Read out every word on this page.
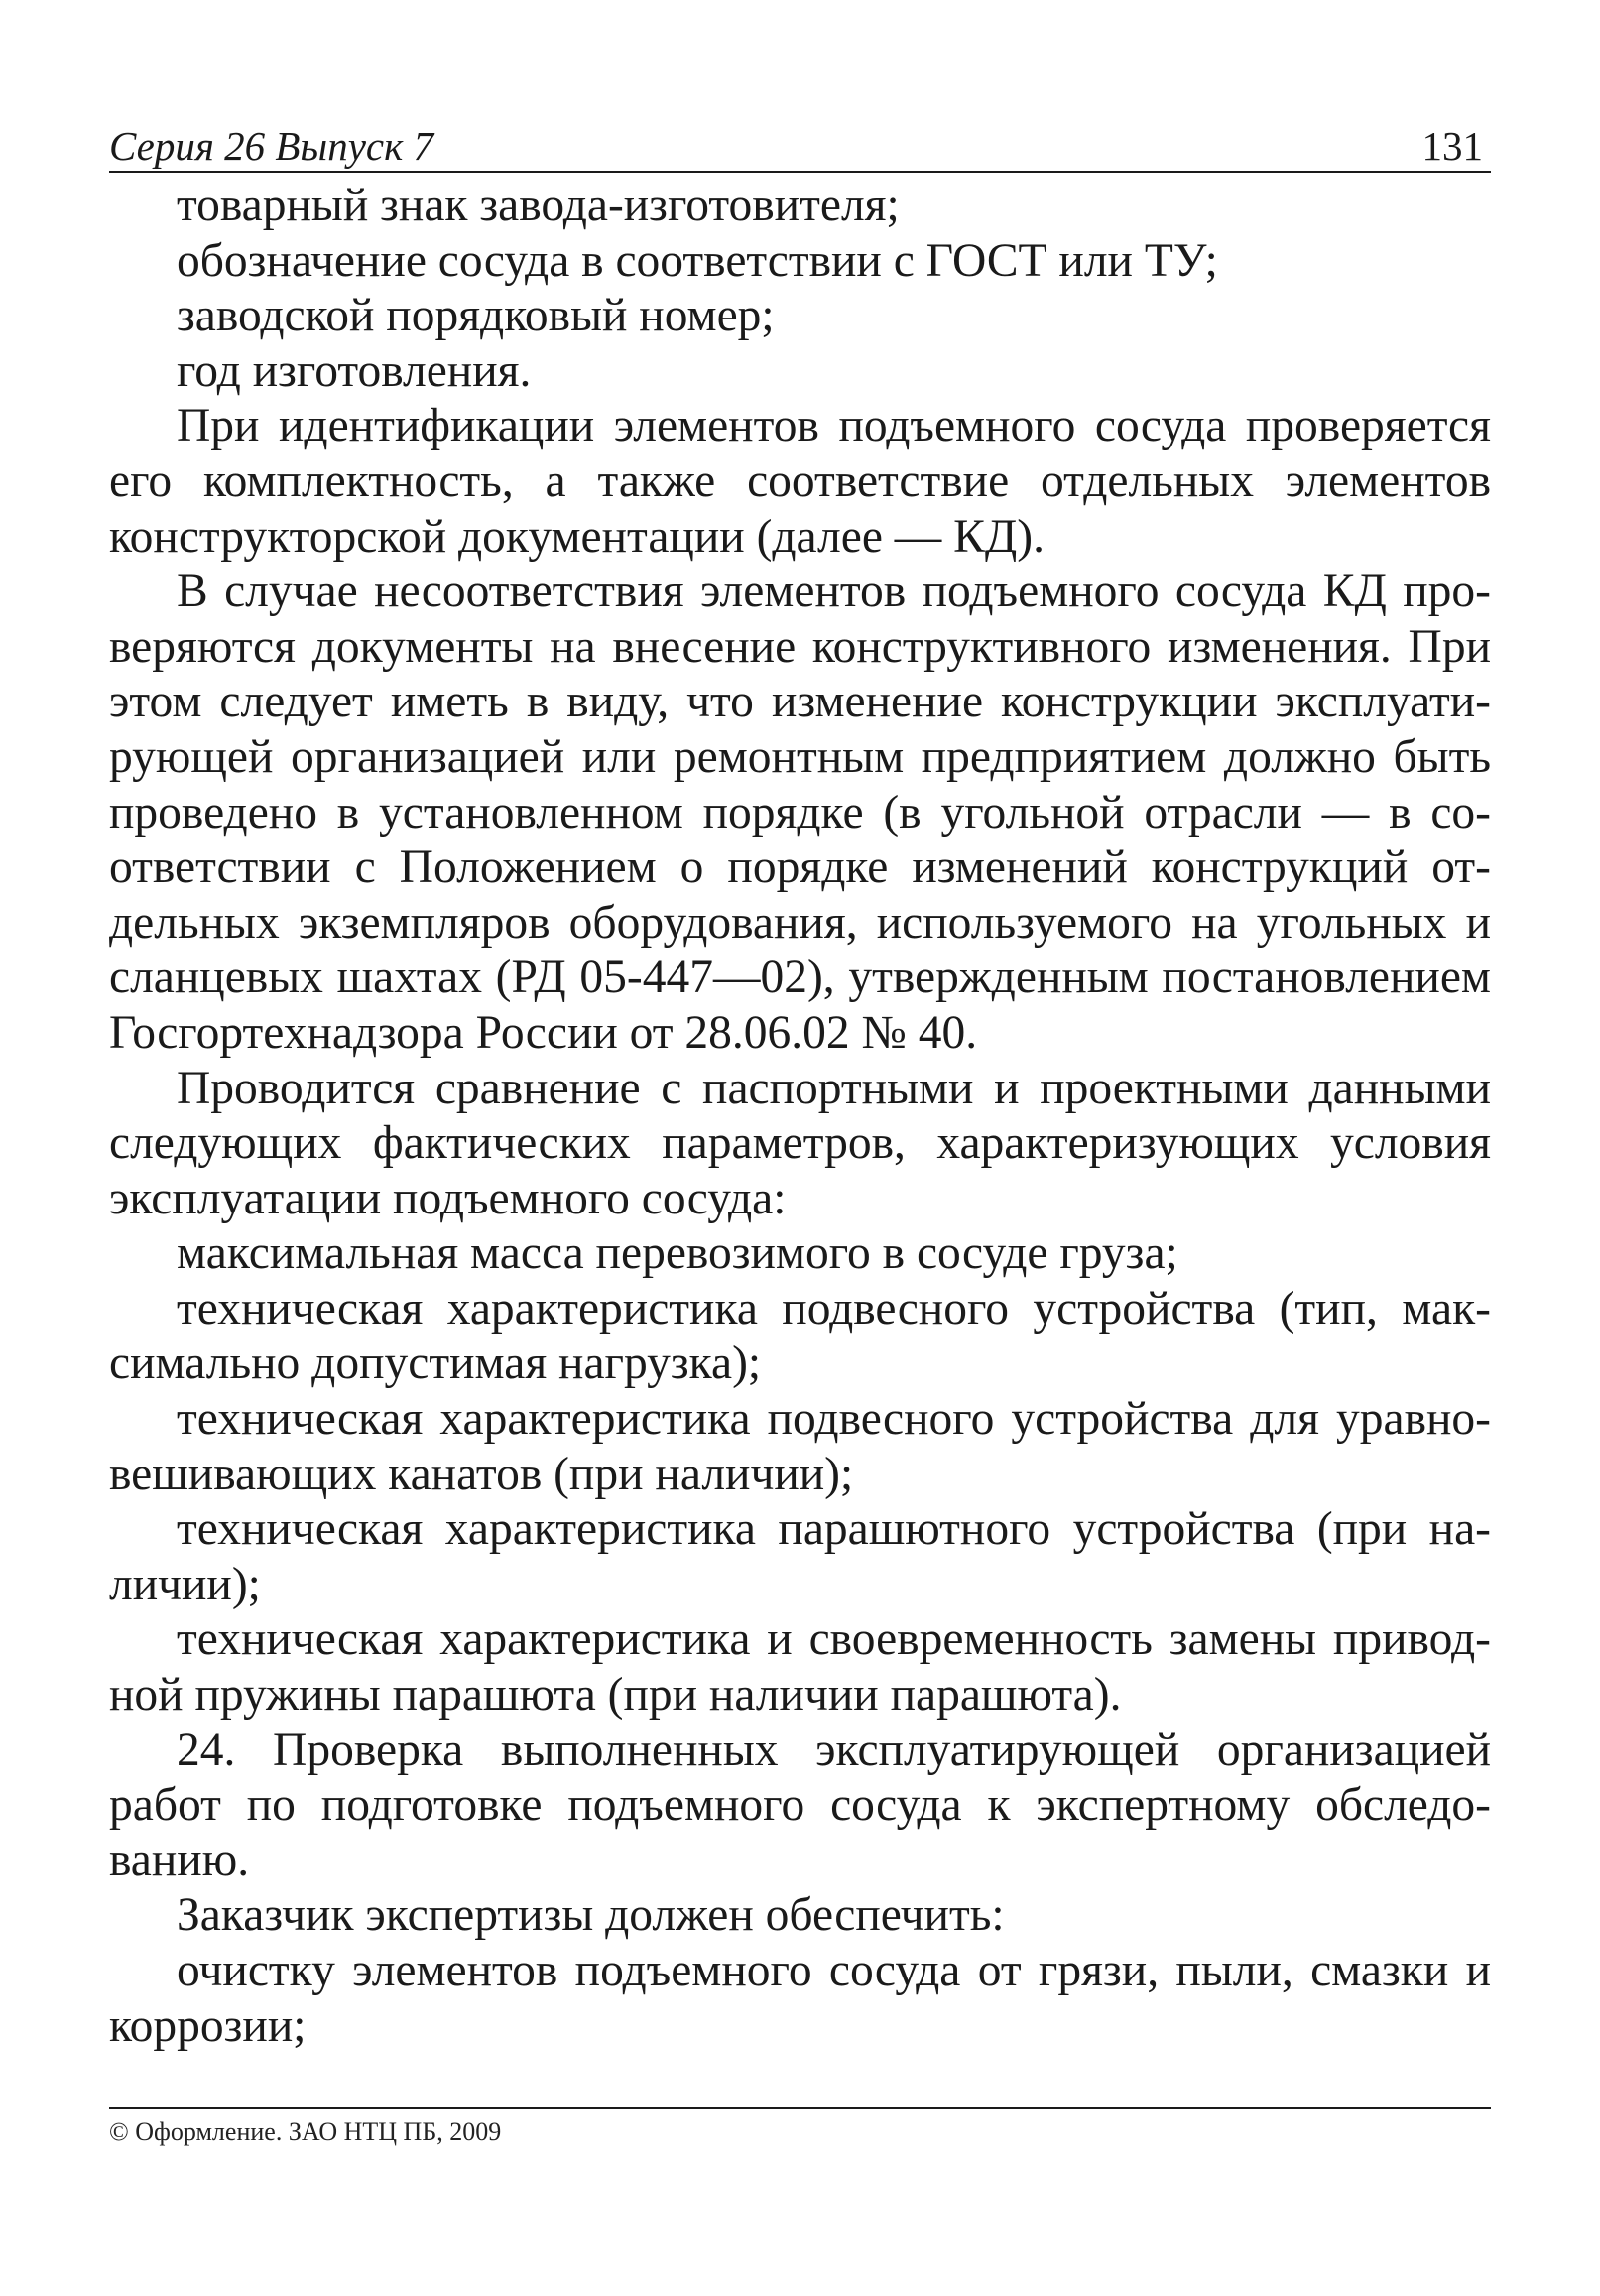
Серия 26 Выпуск 7	131

товарный знак завода-изготовителя;

обозначение сосуда в соответствии с ГОСТ или ТУ;

заводской порядковый номер;

год изготовления.

При идентификации элементов подъемного сосуда проверяется его комплектность, а также соответствие отдельных элементов конструкторской документации (далее — КД).

В случае несоответствия элементов подъемного сосуда КД проверяются документы на внесение конструктивного изменения. При этом следует иметь в виду, что изменение конструкции эксплуатирующей организацией или ремонтным предприятием должно быть проведено в установленном порядке (в угольной отрасли — в соответствии с Положением о порядке изменений конструкций отдельных экземпляров оборудования, используемого на угольных и сланцевых шахтах (РД 05-447—02), утвержденным постановлением Госгортехнадзора России от 28.06.02 № 40.

Проводится сравнение с паспортными и проектными данными следующих фактических параметров, характеризующих условия эксплуатации подъемного сосуда:

максимальная масса перевозимого в сосуде груза;

техническая характеристика подвесного устройства (тип, максимально допустимая нагрузка);

техническая характеристика подвесного устройства для уравновешивающих канатов (при наличии);

техническая характеристика парашютного устройства (при наличии);

техническая характеристика и своевременность замены приводной пружины парашюта (при наличии парашюта).

24. Проверка выполненных эксплуатирующей организацией работ по подготовке подъемного сосуда к экспертному обследованию.

Заказчик экспертизы должен обеспечить:

очистку элементов подъемного сосуда от грязи, пыли, смазки и коррозии;

© Оформление. ЗАО НТЦ ПБ, 2009
